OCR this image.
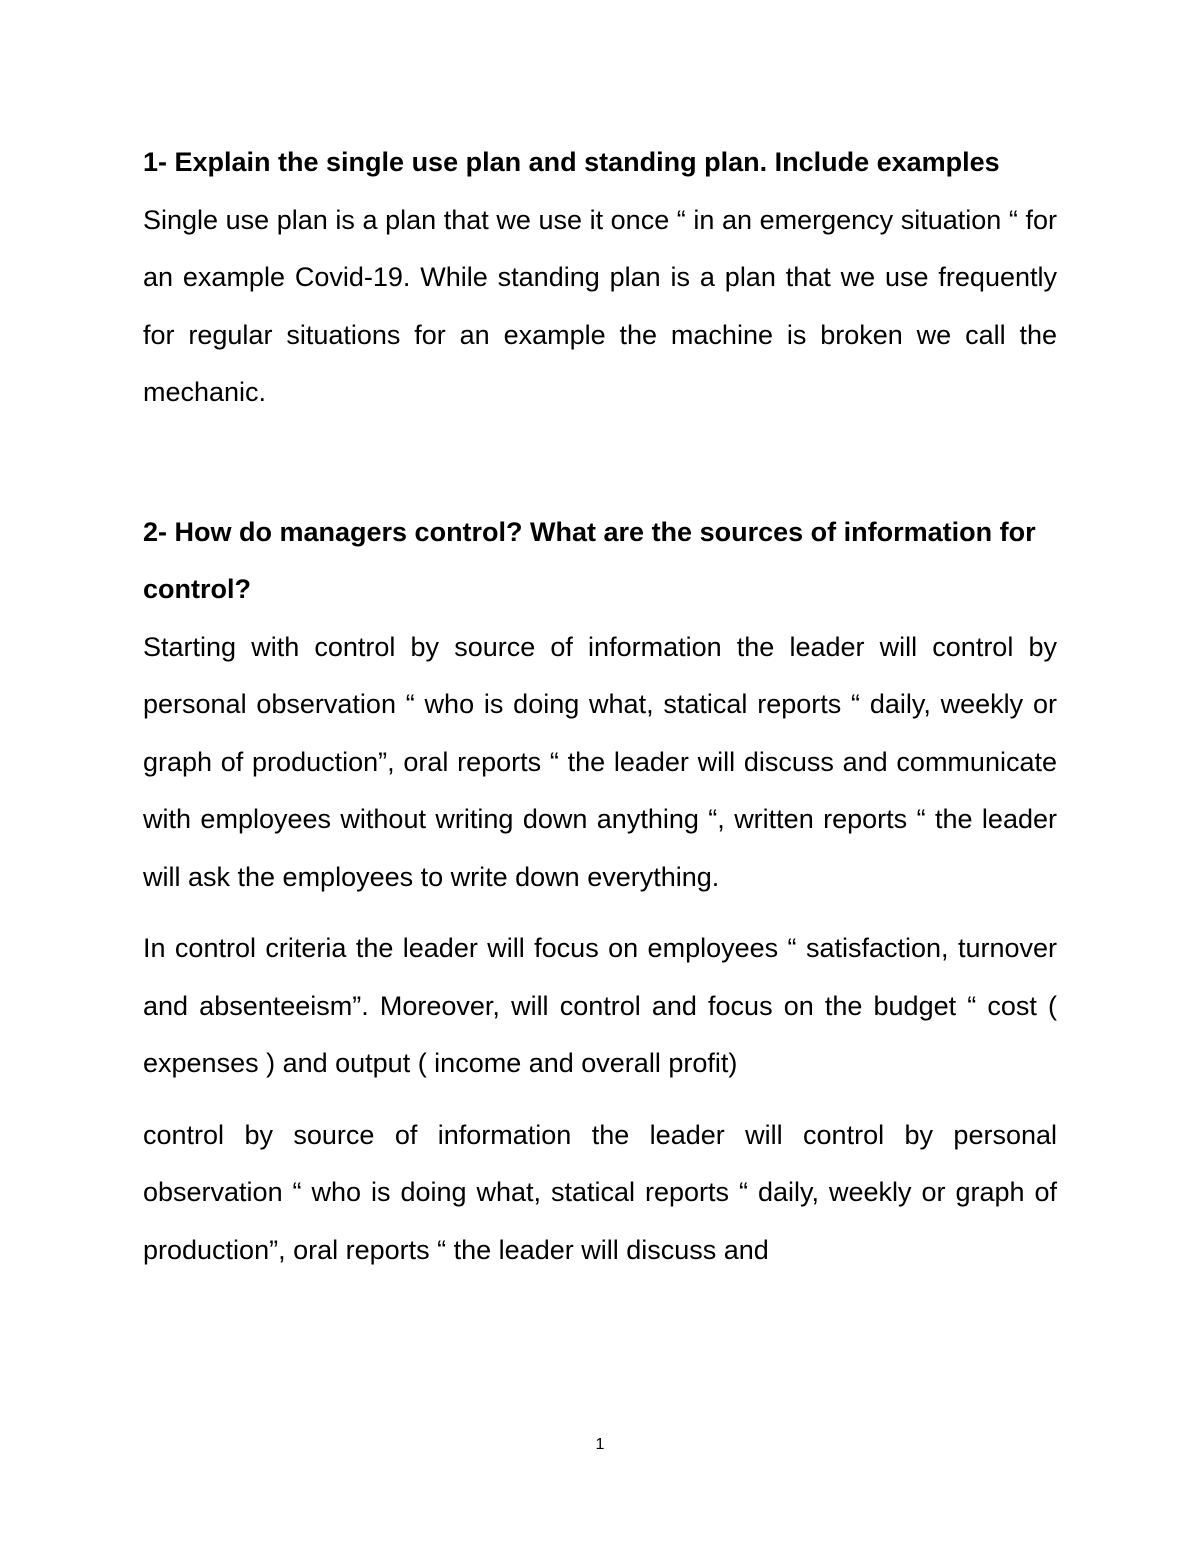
1- Explain the single use plan and standing plan. Include examples

Single use plan is a plan that we use it once “ in an emergency situation “ for an example Covid-19. While standing plan is a plan that we use frequently for regular situations for an example the machine is broken we call the mechanic.

2- How do managers control? What are the sources of information for control?

Starting with control by source of information the leader will control by personal observation “ who is doing what, statical reports “ daily, weekly or graph of production”, oral reports “ the leader will discuss and communicate with employees without writing down anything “, written reports “ the leader will ask the employees to write down everything.

In control criteria the leader will focus on employees “ satisfaction, turnover and absenteeism”. Moreover, will control and focus on the budget “ cost ( expenses ) and output ( income and overall profit)

control by source of information the leader will control by personal observation “ who is doing what, statical reports “ daily, weekly or graph of production”, oral reports “ the leader will discuss and

1
